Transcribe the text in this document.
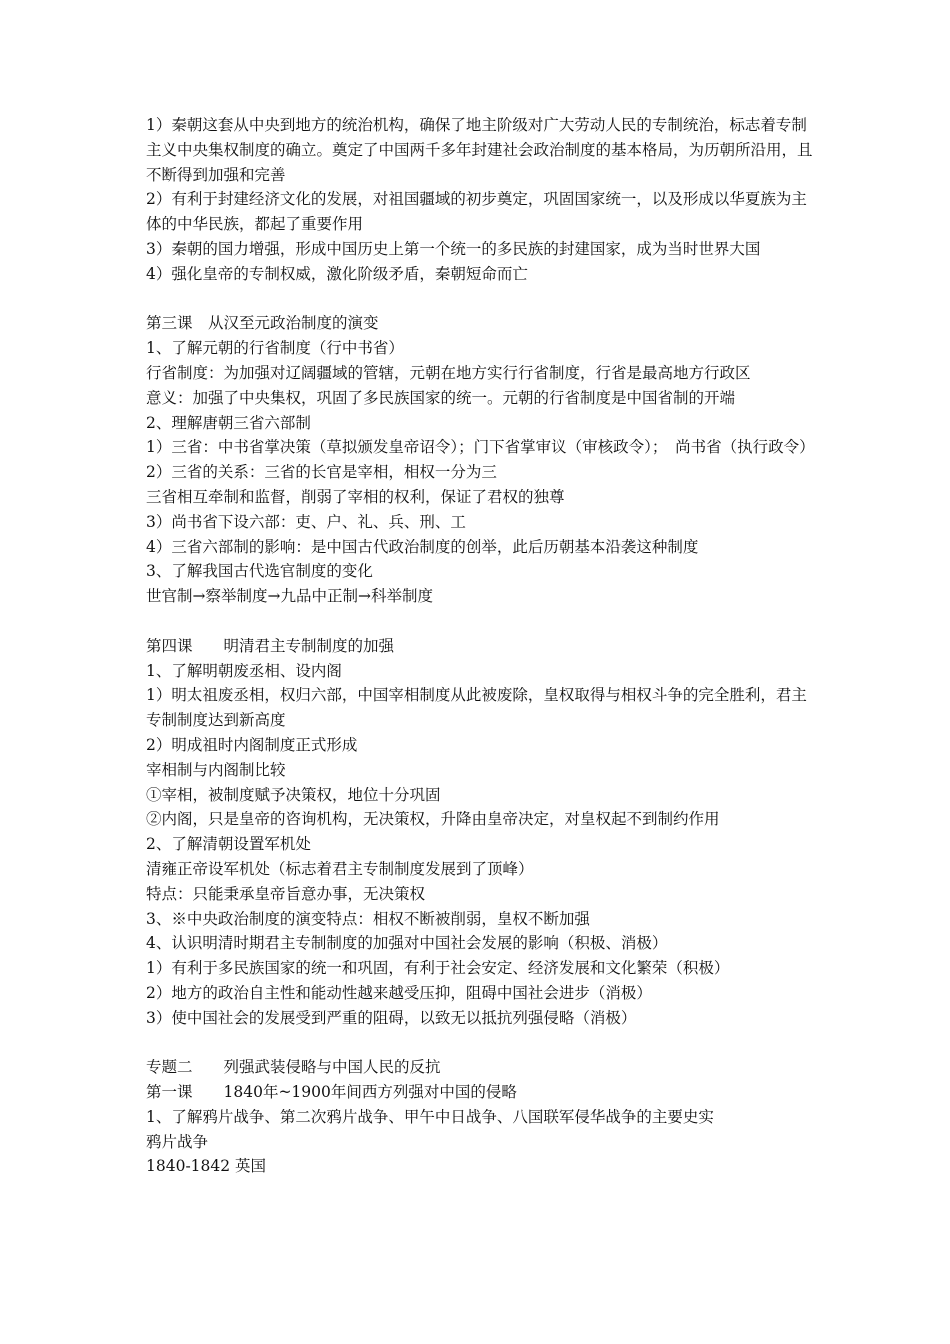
1）秦朝这套从中央到地方的统治机构，确保了地主阶级对广大劳动人民的专制统治，标志着专制主义中央集权制度的确立。奠定了中国两千多年封建社会政治制度的基本格局，为历朝所沿用，且不断得到加强和完善
2）有利于封建经济文化的发展，对祖国疆域的初步奠定，巩固国家统一，以及形成以华夏族为主体的中华民族，都起了重要作用
3）秦朝的国力增强，形成中国历史上第一个统一的多民族的封建国家，成为当时世界大国
4）强化皇帝的专制权威，激化阶级矛盾，秦朝短命而亡
第三课　从汉至元政治制度的演变
1、了解元朝的行省制度（行中书省）
行省制度：为加强对辽阔疆域的管辖，元朝在地方实行行省制度，行省是最高地方行政区
意义：加强了中央集权，巩固了多民族国家的统一。元朝的行省制度是中国省制的开端
2、理解唐朝三省六部制
1）三省：中书省掌决策（草拟颁发皇帝诏令）；门下省掌审议（审核政令）；　尚书省（执行政令）
2）三省的关系：三省的长官是宰相，相权一分为三
三省相互牵制和监督，削弱了宰相的权利，保证了君权的独尊
3）尚书省下设六部：吏、户、礼、兵、刑、工
4）三省六部制的影响：是中国古代政治制度的创举，此后历朝基本沿袭这种制度
3、了解我国古代选官制度的变化
世官制→察举制度→九品中正制→科举制度
第四课　　明清君主专制制度的加强
1、了解明朝废丞相、设内阁
1）明太祖废丞相，权归六部，中国宰相制度从此被废除，皇权取得与相权斗争的完全胜利，君主专制制度达到新高度
2）明成祖时内阁制度正式形成
宰相制与内阁制比较
①宰相，被制度赋予决策权，地位十分巩固
②内阁，只是皇帝的咨询机构，无决策权，升降由皇帝决定，对皇权起不到制约作用
2、了解清朝设置军机处
清雍正帝设军机处（标志着君主专制制度发展到了顶峰）
特点：只能秉承皇帝旨意办事，无决策权
3、※中央政治制度的演变特点：相权不断被削弱，皇权不断加强
4、认识明清时期君主专制制度的加强对中国社会发展的影响（积极、消极）
1）有利于多民族国家的统一和巩固，有利于社会安定、经济发展和文化繁荣（积极）
2）地方的政治自主性和能动性越来越受压抑，阻碍中国社会进步（消极）
3）使中国社会的发展受到严重的阻碍，以致无以抵抗列强侵略（消极）
专题二　　列强武装侵略与中国人民的反抗
第一课　　1840年~1900年间西方列强对中国的侵略
1、了解鸦片战争、第二次鸦片战争、甲午中日战争、八国联军侵华战争的主要史实
鸦片战争
1840-1842 英国
